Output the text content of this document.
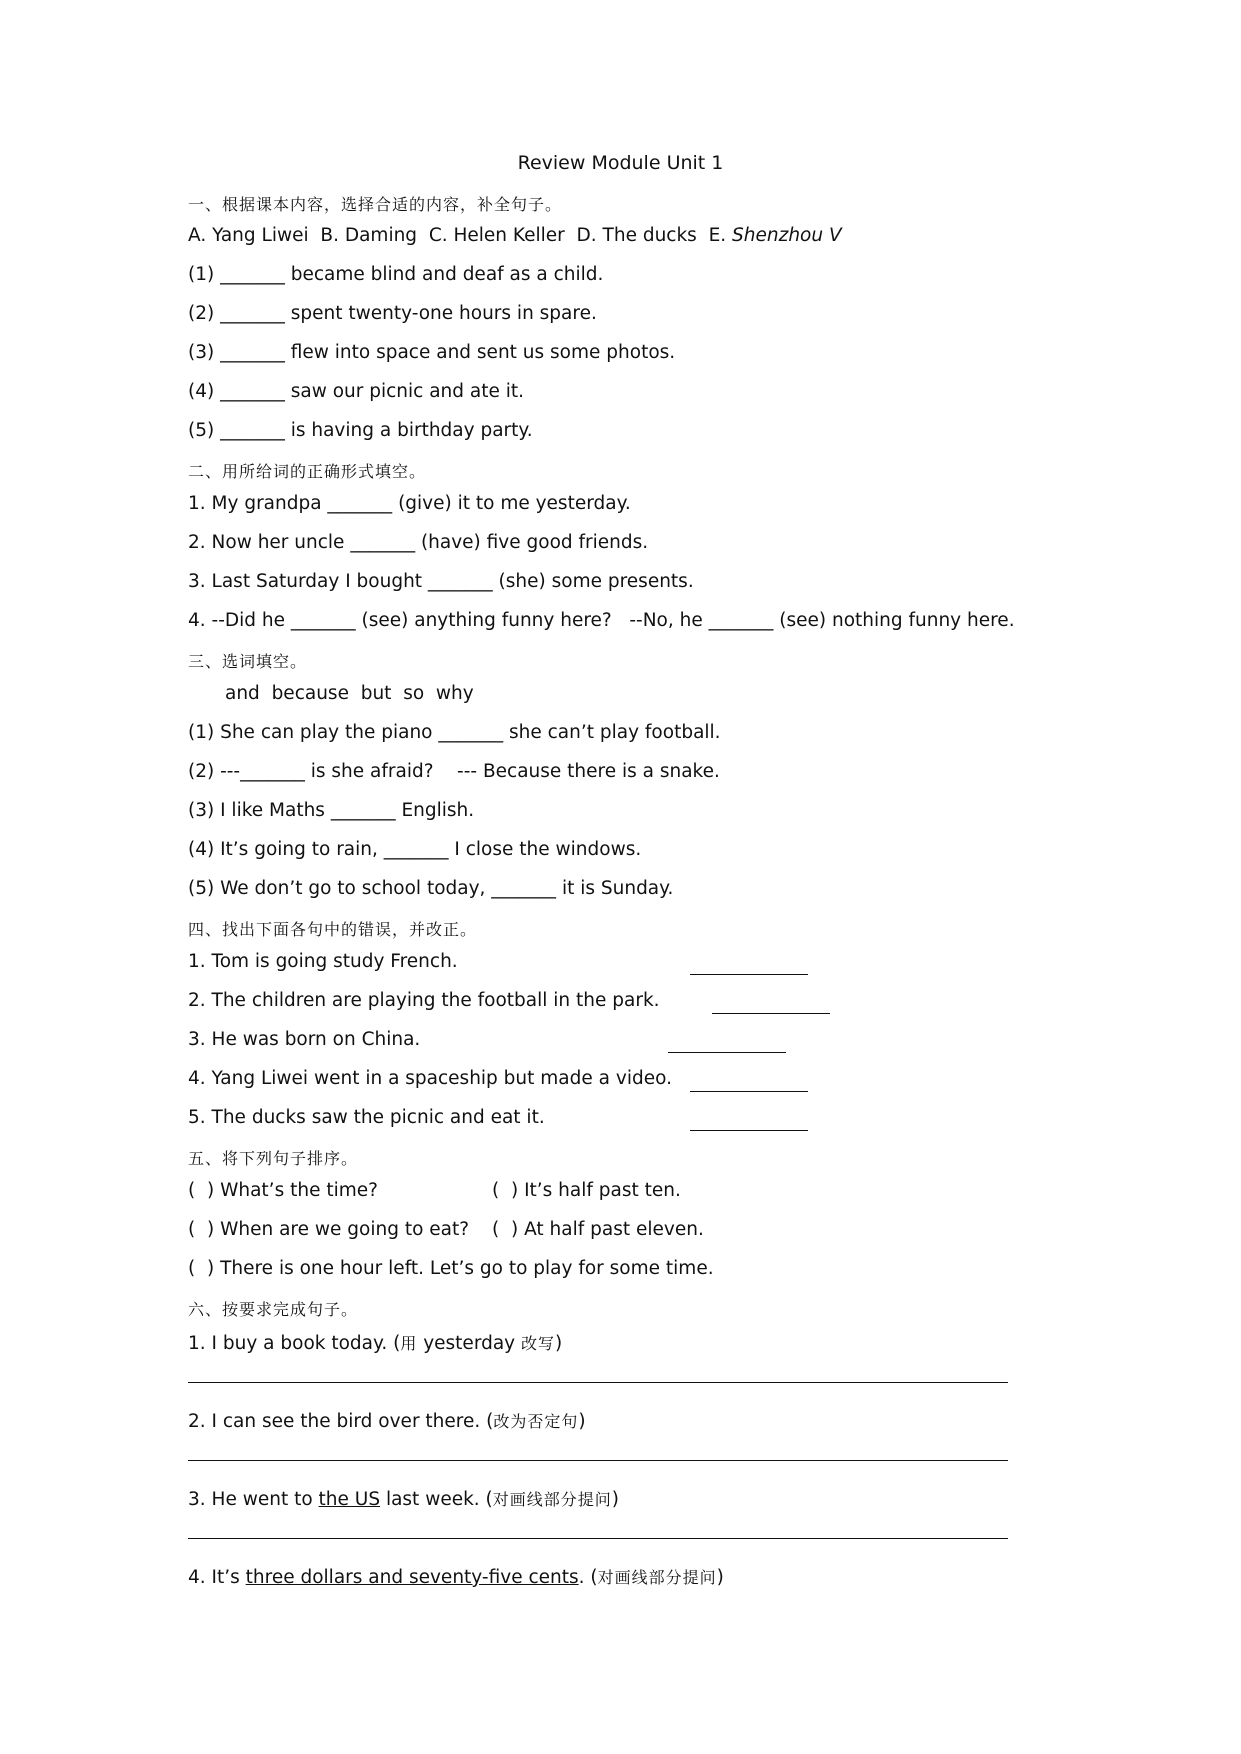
Review Module Unit 1
一、根据课本内容，选择合适的内容，补全句子。
A. Yang Liwei  B. Daming  C. Helen Keller  D. The ducks  E. Shenzhou V
(1) _______ became blind and deaf as a child.
(2) _______ spent twenty-one hours in spare.
(3) _______ flew into space and sent us some photos.
(4) _______ saw our picnic and ate it.
(5) _______ is having a birthday party.
二、用所给词的正确形式填空。
1. My grandpa _______ (give) it to me yesterday.
2. Now her uncle _______ (have) five good friends.
3. Last Saturday I bought _______ (she) some presents.
4. --Did he _______ (see) anything funny here?   --No, he _______ (see) nothing funny here.
三、选词填空。
and  because  but  so  why
(1) She can play the piano _______ she can’t play football.
(2) ---_______ is she afraid?    --- Because there is a snake.
(3) I like Maths _______ English.
(4) It’s going to rain, _______ I close the windows.
(5) We don’t go to school today, _______ it is Sunday.
四、找出下面各句中的错误，并改正。
1. Tom is going study French.
2. The children are playing the football in the park.
3. He was born on China.
4. Yang Liwei went in a spaceship but made a video.
5. The ducks saw the picnic and eat it.
五、将下列句子排序。
(  ) What’s the time?	(  ) It’s half past ten.
(  ) When are we going to eat? (  ) At half past eleven.
(  ) There is one hour left. Let’s go to play for some time.
六、按要求完成句子。
1. I buy a book today. (用 yesterday 改写)
2. I can see the bird over there. (改为否定句)
3. He went to the US last week. (对画线部分提问)
4. It’s three dollars and seventy-five cents. (对画线部分提问)
